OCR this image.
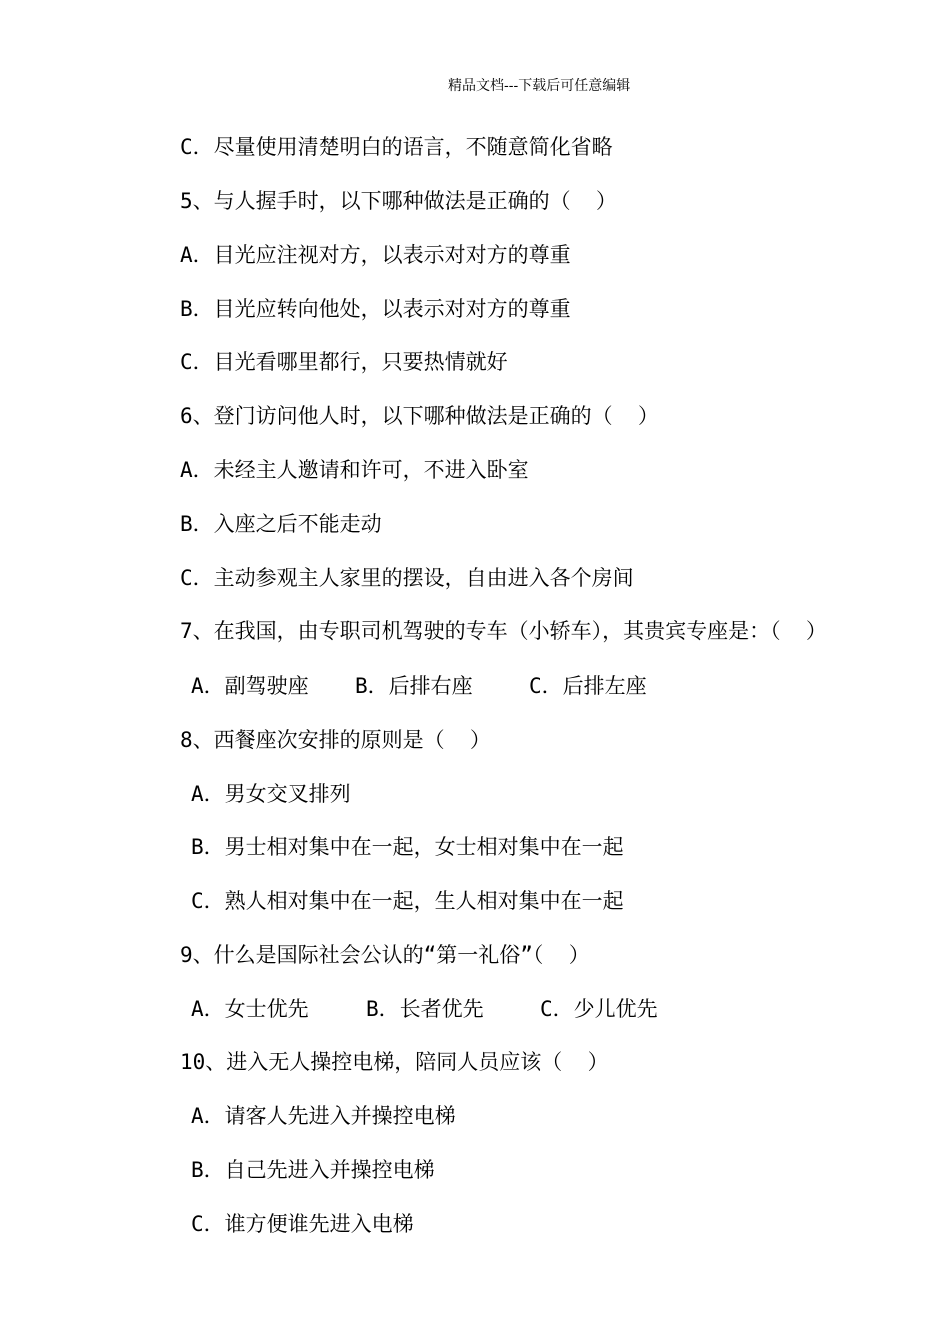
精品文档---下载后可任意编辑
C．尽量使用清楚明白的语言，不随意简化省略
5、与人握手时，以下哪种做法是正确的（  ）
A．目光应注视对方，以表示对对方的尊重
B．目光应转向他处，以表示对对方的尊重
C．目光看哪里都行，只要热情就好
6、登门访问他人时，以下哪种做法是正确的（  ）
A．未经主人邀请和许可，不进入卧室
B．入座之后不能走动
C．主动参观主人家里的摆设，自由进入各个房间
7、在我国，由专职司机驾驶的专车（小轿车），其贵宾专座是：（  ）

A．副驾驶座

B．后排右座

	C．后排左座

8、西餐座次安排的原则是（  ）
A．男女交叉排列
B．男士相对集中在一起，女士相对集中在一起
C．熟人相对集中在一起，生人相对集中在一起
9、什么是国际社会公认的“第一礼俗”（  ）

A．女士优先

	B．长者优先

	C．少儿优先

10、进入无人操控电梯，陪同人员应该（  ）
A．请客人先进入并操控电梯
B．自己先进入并操控电梯
C．谁方便谁先进入电梯
